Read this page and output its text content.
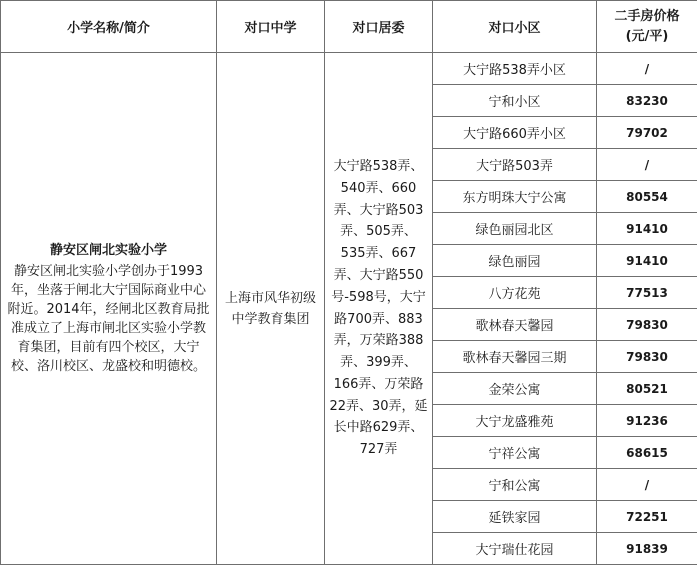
小学名称/简介	对口中学	对口居委	对口小区	二手房价格
(元/平)

静安区闸北实验小学
静安区闸北实验小学创办于1993年，坐落于闸北大宁国际商业中心附近。2014年，经闸北区教育局批准成立了上海市闸北区实验小学教育集团，目前有四个校区，大宁校、洛川校区、龙盛校和明德校。	上海市风华初级中学教育集团	大宁路538弄、540弄、660弄、大宁路503弄、505弄、535弄、667弄、大宁路550号-598号，大宁路700弄、883弄，万荣路388弄、399弄、166弄、万荣路22弄、30弄，延长中路629弄、727弄	大宁路538弄小区	/
			宁和小区	83230
			大宁路660弄小区	79702
			大宁路503弄	/
			东方明珠大宁公寓	80554
			绿色丽园北区	91410
			绿色丽园	91410
			八方花苑	77513
			歌林春天馨园	79830
			歌林春天馨园三期	79830
			金荣公寓	80521
			大宁龙盛雅苑	91236
			宁祥公寓	68615
			宁和公寓	/
			延铁家园	72251
			大宁瑞仕花园	91839
